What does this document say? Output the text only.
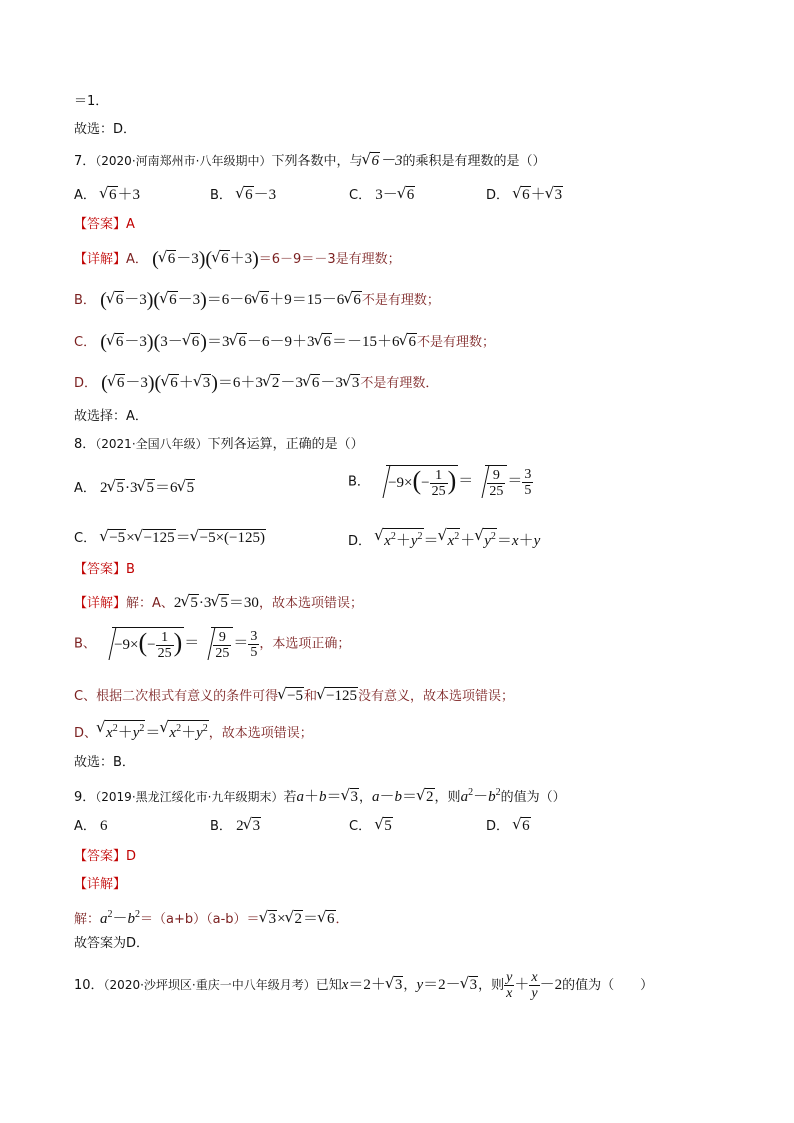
＝1．
故选：D．
7．（2020·河南郑州市·八年级期中）下列各数中，与√ 6－3的乘积是有理数的是（）
A． √ 6＋3	B． √ 6－3	C． 3－√ 6	D． √ 6＋√ 3
【答案】A
【详解】A． (√ 6－3)(√ 6＋3)＝6－9＝－3是有理数；
B． (√ 6－3)(√ 6－3)＝6－6√ 6＋9＝15－6√ 6不是有理数；
C． (√ 6－3)(3－√ 6)＝3√ 6－6－9＋3√ 6＝－15＋6√ 6不是有理数；
D． (√ 6－3)(√ 6＋√ 3)＝6＋3√ 2－3√ 6－3√ 3不是有理数．
故选择：A．
8．（2021·全国八年级）下列各运算，正确的是（）
A． 2√ 5·3√ 5＝6√ 5	B． $-9\times(- \frac{1}{25}$ ) ＝ $\frac{9}{25} = \frac{3}{5}$
C． √ −5×√ −125＝√ −5×(−125)	D． √ $x^2+y^2=√$ $x^2+√$ $y^2=x+y$
【答案】B
【详解】解：A、2√ 5·3√ 5＝30，故本选项错误；
B、 $-9\times(- \frac{1}{25}$ ) ＝ $\frac{9}{25} = \frac{3}{5}$ ，本选项正确；
C、根据二次根式有意义的条件可得√ −5和√ −125没有意义，故本选项错误；
D、√ $x^2+y^2=√$ $x^2+y^2$，故本选项错误；
故选：B．
9．（2019·黑龙江绥化市·九年级期末）若a＋b＝√ 3，a－b＝√ 2，则$a^2-b^2$的值为（）
A． 6	B． 2√ 3	C． √ 5	D． √ 6
【答案】D
【详解】
解：$a^2-b^2=(a+b)(a-b)=√$ 3×√ 2＝√ 6．
故答案为D．
10．（2020·沙坪坝区·重庆一中八年级月考）已知x＝2＋√ 3，y＝2－√ 3，则 $\frac{y}{x} + \frac{x}{y} -2$的值为（　　）
